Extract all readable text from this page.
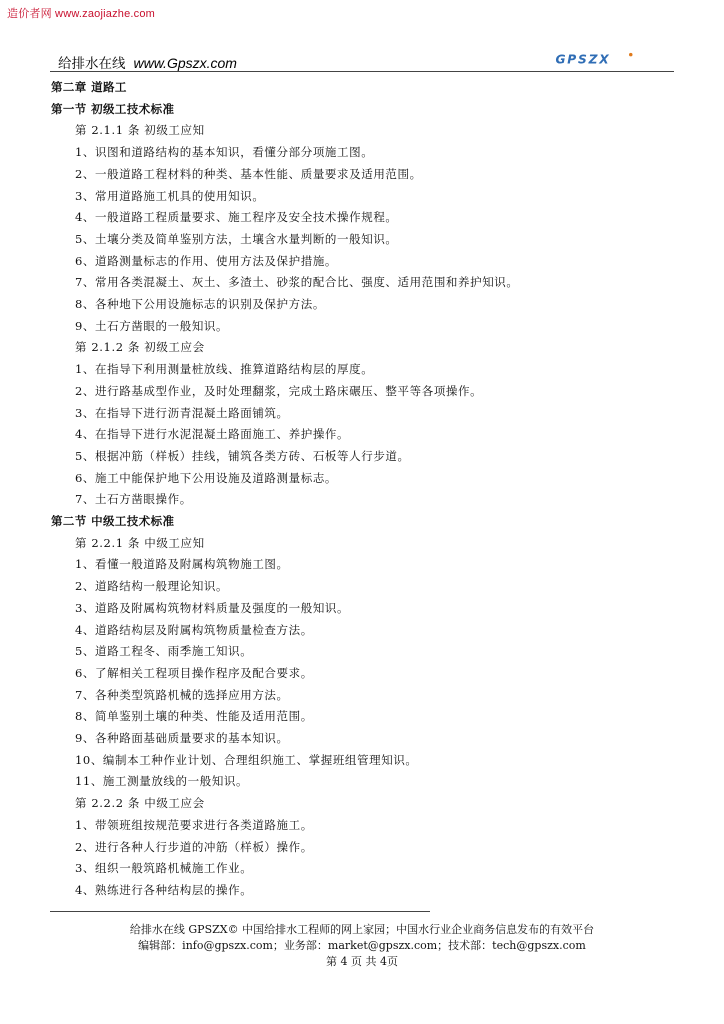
造价者网 www.zaojiazhe.com
给排水在线 www.Gpszx.com	GPSZX
第二章 道路工
第一节 初级工技术标准
第 2.1.1 条 初级工应知
1、识图和道路结构的基本知识，看懂分部分项施工图。
2、一般道路工程材料的种类、基本性能、质量要求及适用范围。
3、常用道路施工机具的使用知识。
4、一般道路工程质量要求、施工程序及安全技术操作规程。
5、土壤分类及简单鉴别方法，土壤含水量判断的一般知识。
6、道路测量标志的作用、使用方法及保护措施。
7、常用各类混凝土、灰土、多渣土、砂浆的配合比、强度、适用范围和养护知识。
8、各种地下公用设施标志的识别及保护方法。
9、土石方凿眼的一般知识。
第 2.1.2 条 初级工应会
1、在指导下利用测量桩放线、推算道路结构层的厚度。
2、进行路基成型作业，及时处理翻浆，完成土路床碾压、整平等各项操作。
3、在指导下进行沥青混凝土路面铺筑。
4、在指导下进行水泥混凝土路面施工、养护操作。
5、根据冲筋（样板）挂线，铺筑各类方砖、石板等人行步道。
6、施工中能保护地下公用设施及道路测量标志。
7、土石方凿眼操作。
第二节 中级工技术标准
第 2.2.1 条 中级工应知
1、看懂一般道路及附属构筑物施工图。
2、道路结构一般理论知识。
3、道路及附属构筑物材料质量及强度的一般知识。
4、道路结构层及附属构筑物质量检查方法。
5、道路工程冬、雨季施工知识。
6、了解相关工程项目操作程序及配合要求。
7、各种类型筑路机械的选择应用方法。
8、简单鉴别土壤的种类、性能及适用范围。
9、各种路面基础质量要求的基本知识。
10、编制本工种作业计划、合理组织施工、掌握班组管理知识。
11、施工测量放线的一般知识。
第 2.2.2 条 中级工应会
1、带领班组按规范要求进行各类道路施工。
2、进行各种人行步道的冲筋（样板）操作。
3、组织一般筑路机械施工作业。
4、熟练进行各种结构层的操作。
给排水在线 GPSZX© 中国给排水工程师的网上家园；中国水行业企业商务信息发布的有效平台
编辑部：info@gpszx.com；业务部：market@gpszx.com；技术部：tech@gpszx.com
第 4 页 共 4页
